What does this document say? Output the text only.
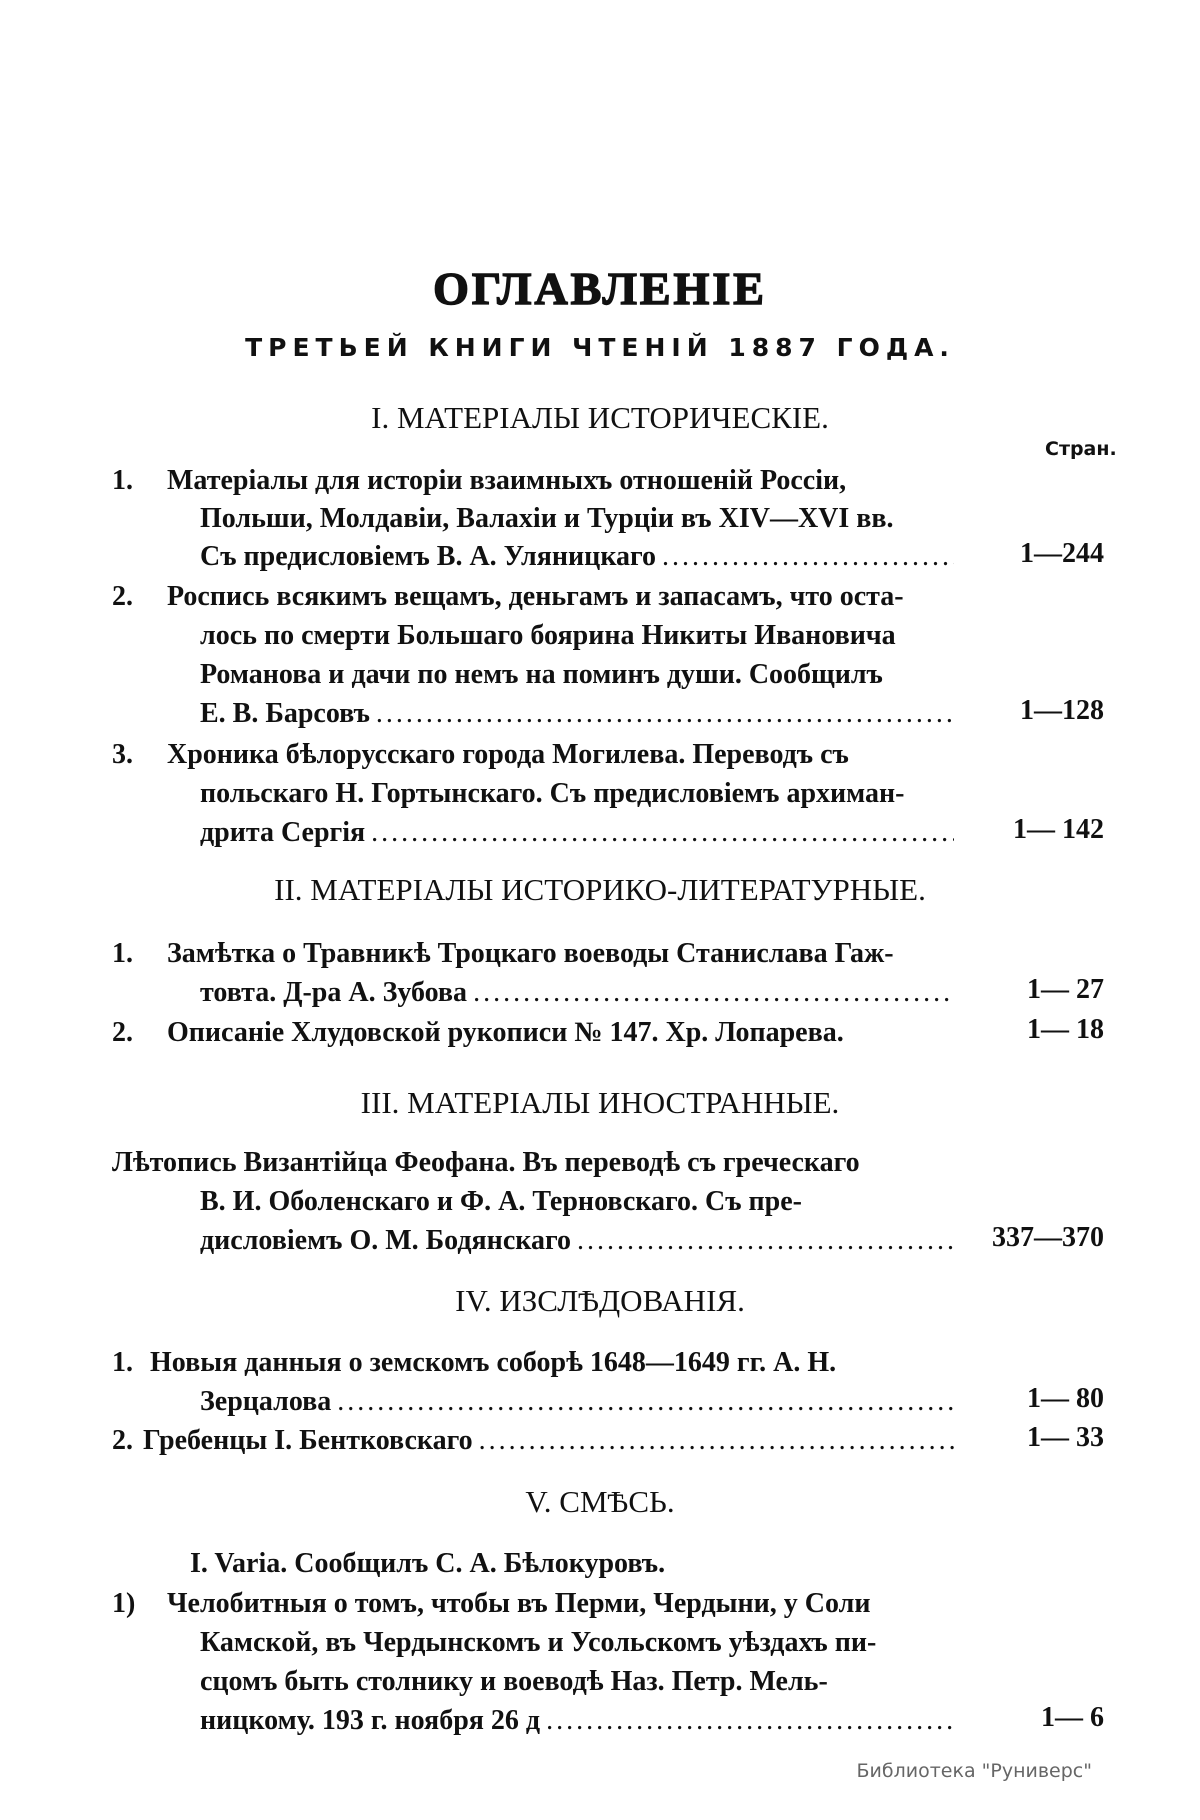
ОГЛАВЛЕНIЕ
ТРЕТЬЕЙ КНИГИ ЧТЕНIЙ 1887 ГОДА.
I. МАТЕРIАЛЫ ИСТОРИЧЕСКIЕ.
Стран.
1. Матерiалы для исторiи взаимныхъ отношенiй Россiи,
Польши, Молдавiи, Валахiи и Турцiи въ XIV—XVI вв.
Съ предисловiемъ В. А. Уляницкаго .....	1—244
2. Роспись всякимъ вещамъ, деньгамъ и запасамъ, что оста-
лось по смерти Большаго боярина Никиты Ивановича
Романова и дачи по немъ на поминъ души. Сообщилъ
Е. В. Барсовъ .....	1—128
3. Хроника бѣлорусскаго города Могилева. Переводъ съ
польскаго Н. Гортынскаго. Съ предисловiемъ архиман-
дрита Сергiя .....	1— 142
II. МАТЕРIАЛЫ ИСТОРИКО-ЛИТЕРАТУРНЫЕ.
1. Замѣтка о Травникѣ Троцкаго воеводы Станислава Гаж-
товта. Д-ра А. Зубова .....	1— 27
2. Описанiе Хлудовской рукописи № 147. Хр. Лопарева.	1— 18
III. МАТЕРIАЛЫ ИНОСТРАННЫЕ.
Лѣтопись Византiйца Феофана. Въ переводѣ съ греческаго
В. И. Оболенскаго и Ф. А. Терновскаго. Съ пре-
дисловiемъ О. М. Бодянскаго .....	337—370
IV. ИЗСЛѢДОВАНIЯ.
1. Новыя данныя о земскомъ соборѣ 1648—1649 гг. А. Н.
Зерцалова .....	1— 80
2. Гребенцы I. Бентковскаго .....	1— 33
V. СМѢСЬ.
I. Varia. Сообщилъ С. А. Бѣлокуровъ.
1) Челобитныя о томъ, чтобы въ Перми, Чердыни, у Соли
Камской, въ Чердынскомъ и Усольскомъ уѣздахъ пи-
сцомъ быть столнику и воеводѣ Наз. Петр. Мель-
ницкому. 193 г. ноября 26 д .....	1— 6
Библиотека "Руниверс"
